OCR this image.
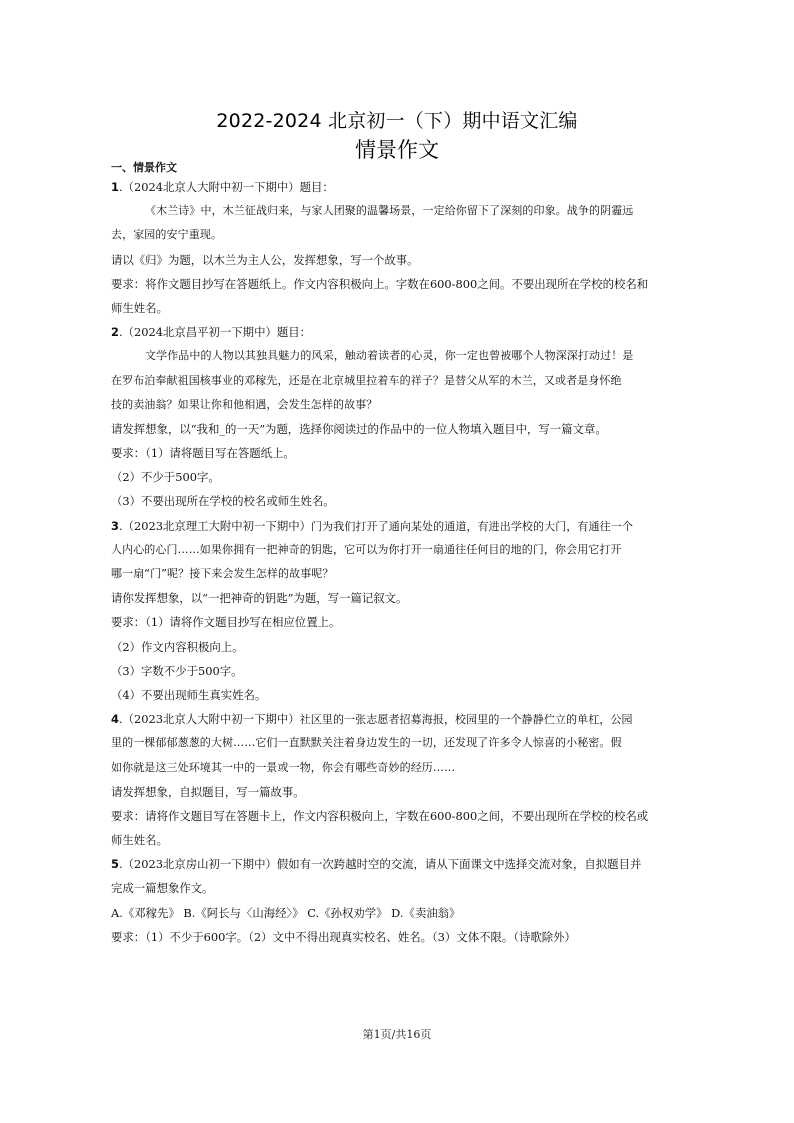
2022-2024 北京初一（下）期中语文汇编
情景作文
一、情景作文
1.（2024北京人大附中初一下期中）题目：
《木兰诗》中，木兰征战归来，与家人团聚的温馨场景，一定给你留下了深刻的印象。战争的阴霾远
去，家园的安宁重现。
请以《归》为题，以木兰为主人公，发挥想象，写一个故事。
要求：将作文题目抄写在答题纸上。作文内容积极向上。字数在600-800之间。不要出现所在学校的校名和
师生姓名。
2.（2024北京昌平初一下期中）题目：
文学作品中的人物以其独具魅力的风采，触动着读者的心灵，你一定也曾被哪个人物深深打动过！是
在罗布泊奉献祖国核事业的邓稼先，还是在北京城里拉着车的祥子？是替父从军的木兰，又或者是身怀绝
技的卖油翁？如果让你和他相遇，会发生怎样的故事？
请发挥想象，以“我和_的一天”为题，选择你阅读过的作品中的一位人物填入题目中，写一篇文章。
要求：（1）请将题目写在答题纸上。
（2）不少于500字。
（3）不要出现所在学校的校名或师生姓名。
3.（2023北京理工大附中初一下期中）门为我们打开了通向某处的通道，有进出学校的大门，有通往一个
人内心的心门……如果你拥有一把神奇的钥匙，它可以为你打开一扇通往任何目的地的门，你会用它打开
哪一扇“门”呢？接下来会发生怎样的故事呢？
请你发挥想象，以“一把神奇的钥匙”为题，写一篇记叙文。
要求：（1）请将作文题目抄写在相应位置上。
（2）作文内容积极向上。
（3）字数不少于500字。
（4）不要出现师生真实姓名。
4.（2023北京人大附中初一下期中）社区里的一张志愿者招募海报，校园里的一个静静伫立的单杠，公园
里的一棵郁郁葱葱的大树……它们一直默默关注着身边发生的一切，还发现了许多令人惊喜的小秘密。假
如你就是这三处环境其一中的一景或一物，你会有哪些奇妙的经历……
请发挥想象，自拟题目，写一篇故事。
要求：请将作文题目写在答题卡上，作文内容积极向上，字数在600-800之间，不要出现所在学校的校名或
师生姓名。
5.（2023北京房山初一下期中）假如有一次跨越时空的交流，请从下面课文中选择交流对象，自拟题目并
完成一篇想象作文。
A.《邓稼先》 B.《阿长与〈山海经〉》 C.《孙权劝学》 D.《卖油翁》
要求：（1）不少于600字。（2）文中不得出现真实校名、姓名。（3）文体不限。（诗歌除外）
第1页/共16页
